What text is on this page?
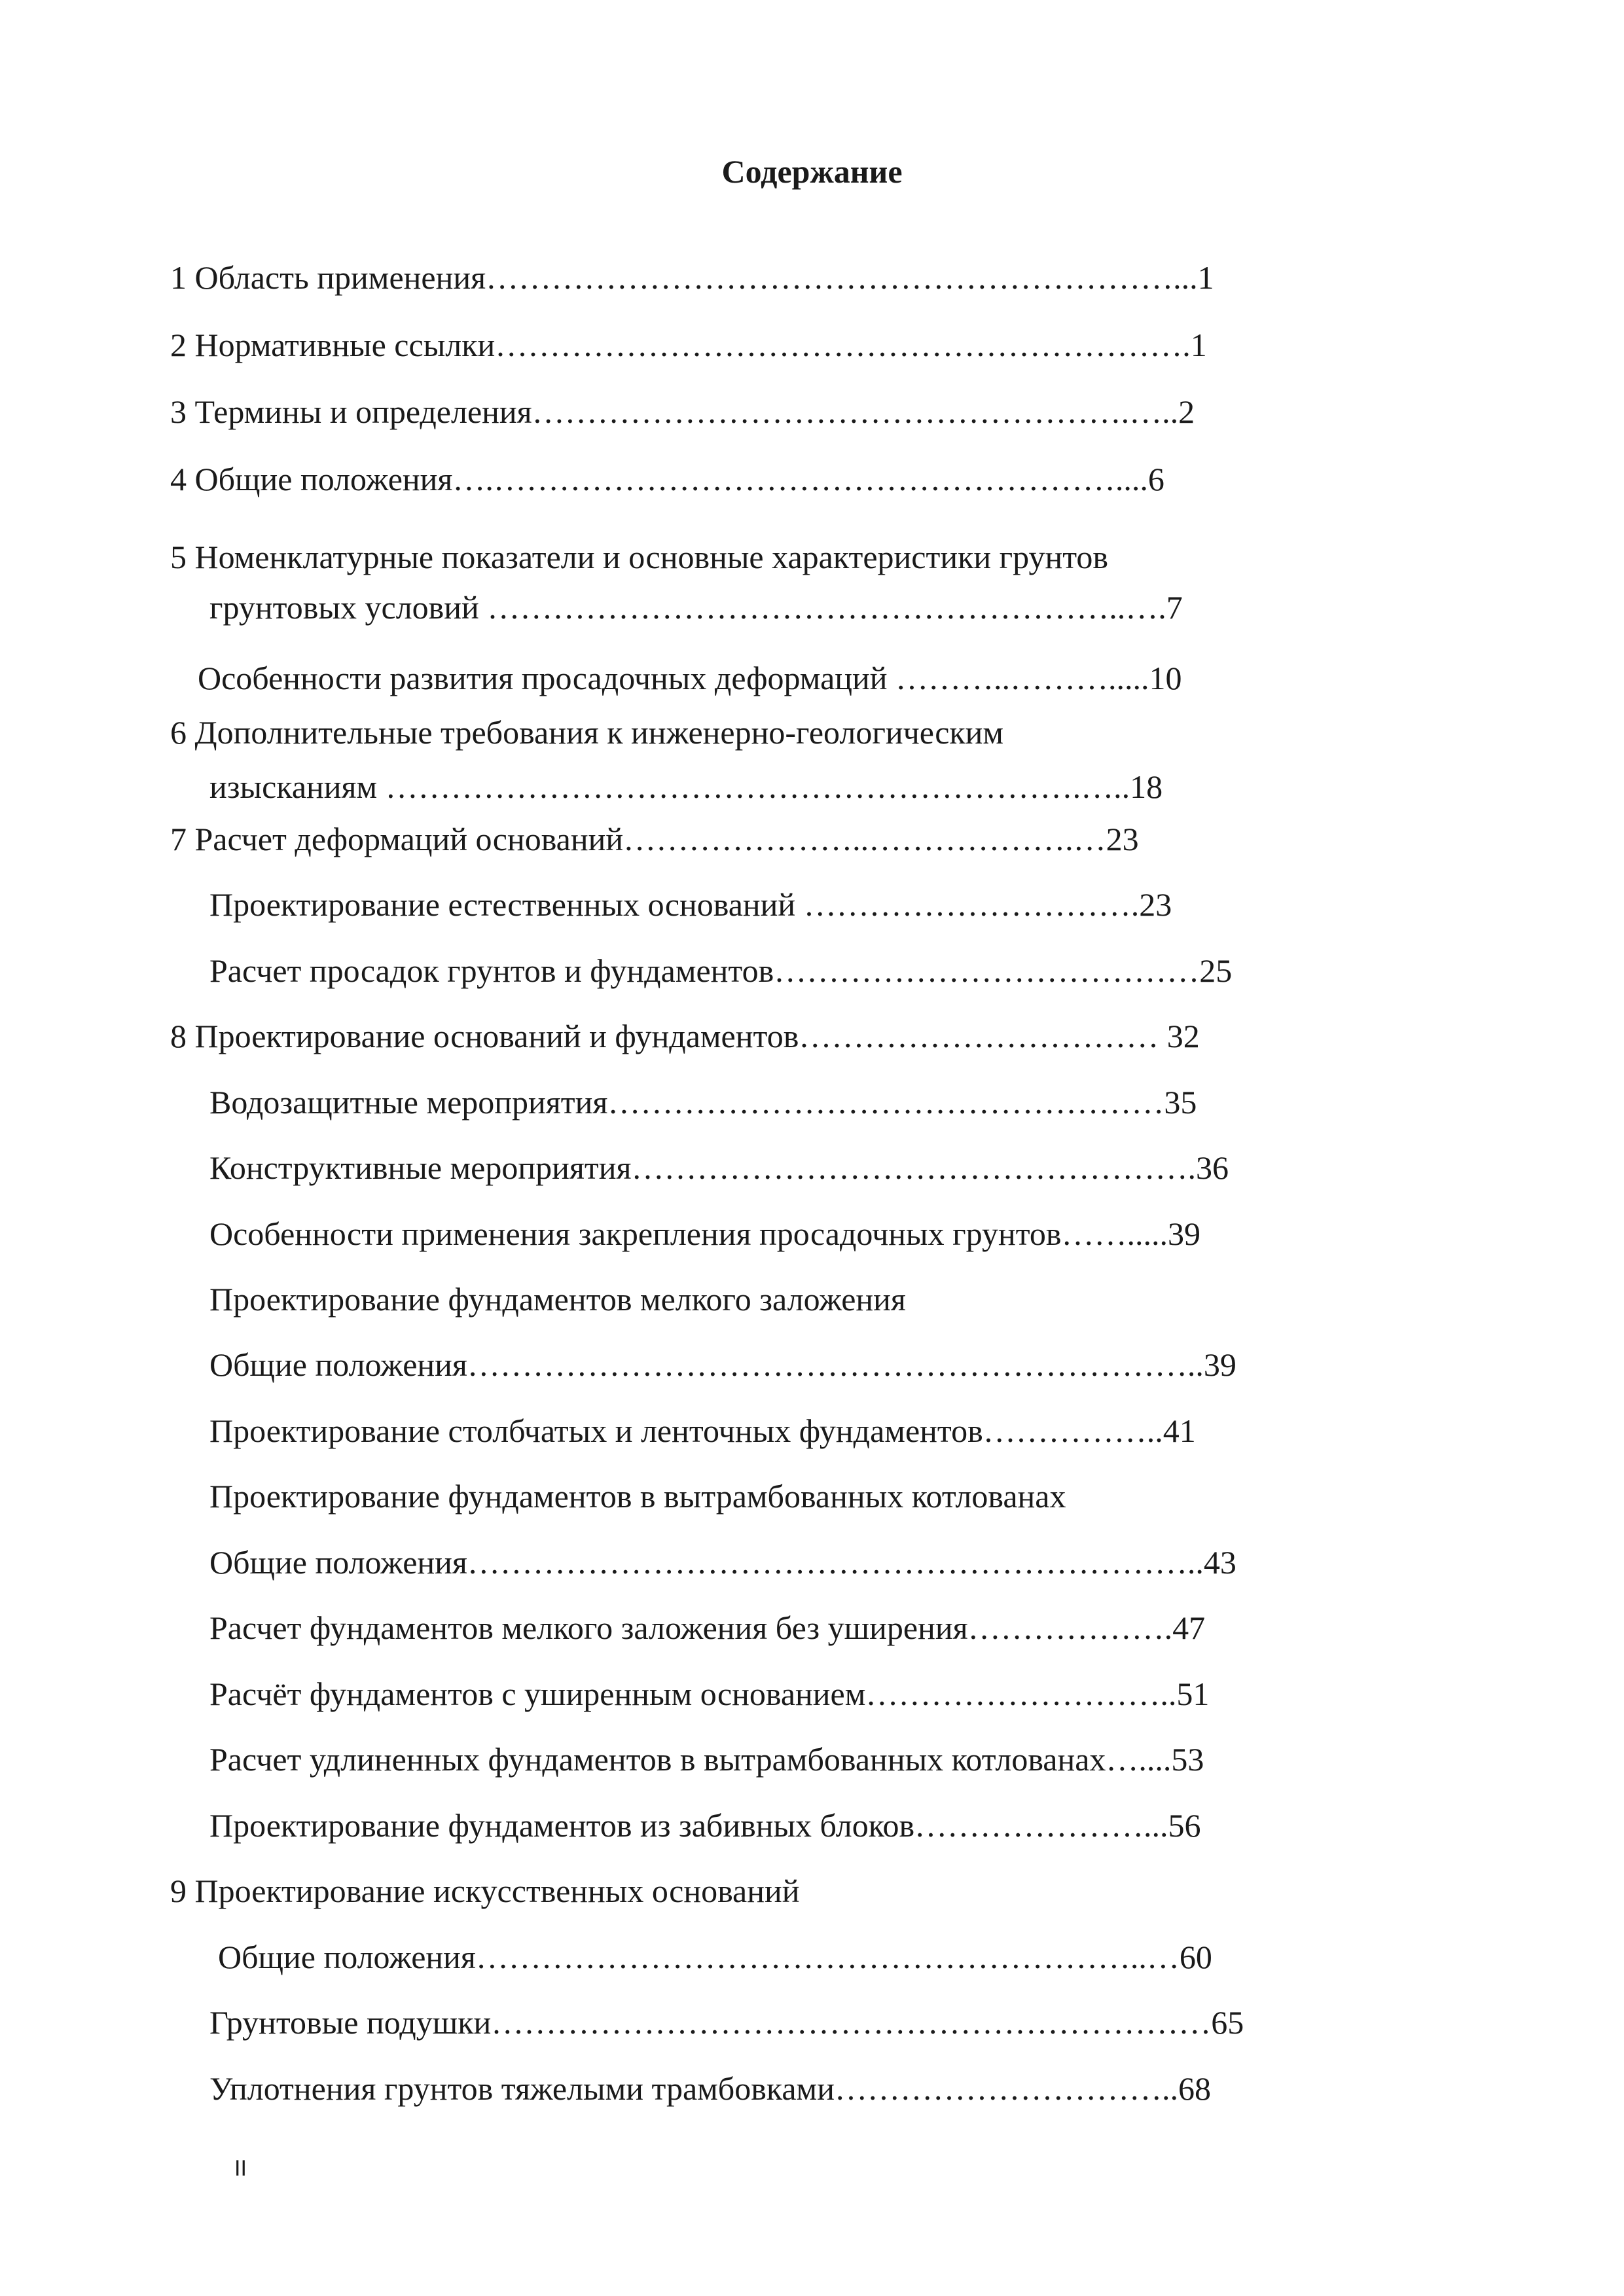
Содержание
1 Область применения………………………………………………………...1
2 Нормативные ссылки……………………………………………………….1
3 Термины и определения……………………………………………….…..2
4 Общие положения….…………………………………………………....6
5 Номенклатурные показатели и основные характеристики грунтов
грунтовых условий …………………………………………………..….7
Особенности развития просадочных деформаций ………..……….....10
6 Дополнительные требования к инженерно-геологическим
изысканиям ……………………………………………………….…..18
7 Расчет деформаций оснований…………………..……………….…23
Проектирование естественных оснований ………………………….23
Расчет просадок грунтов и фундаментов…………………………………25
8 Проектирование оснований и фундаментов…………………………… 32
Водозащитные мероприятия……………………………………………35
Конструктивные мероприятия…………………………………………….36
Особенности применения закрепления просадочных грунтов…….....39
Проектирование фундаментов мелкого заложения
Общие положения…………………………………………………………..39
Проектирование столбчатых и ленточных фундаментов……………..41
Проектирование фундаментов в вытрамбованных котлованах
Общие положения…………………………………………………………..43
Расчет фундаментов мелкого заложения без уширения……………….47
Расчёт фундаментов с уширенным основанием………………………..51
Расчет удлиненных фундаментов в вытрамбованных котлованах…....53
Проектирование фундаментов из забивных блоков…………………...56
9 Проектирование искусственных оснований
Общие положения……………………………………………………..…60
Грунтовые подушки…………………………………………………………65
Уплотнения грунтов тяжелыми трамбовками…………………………..68
II
